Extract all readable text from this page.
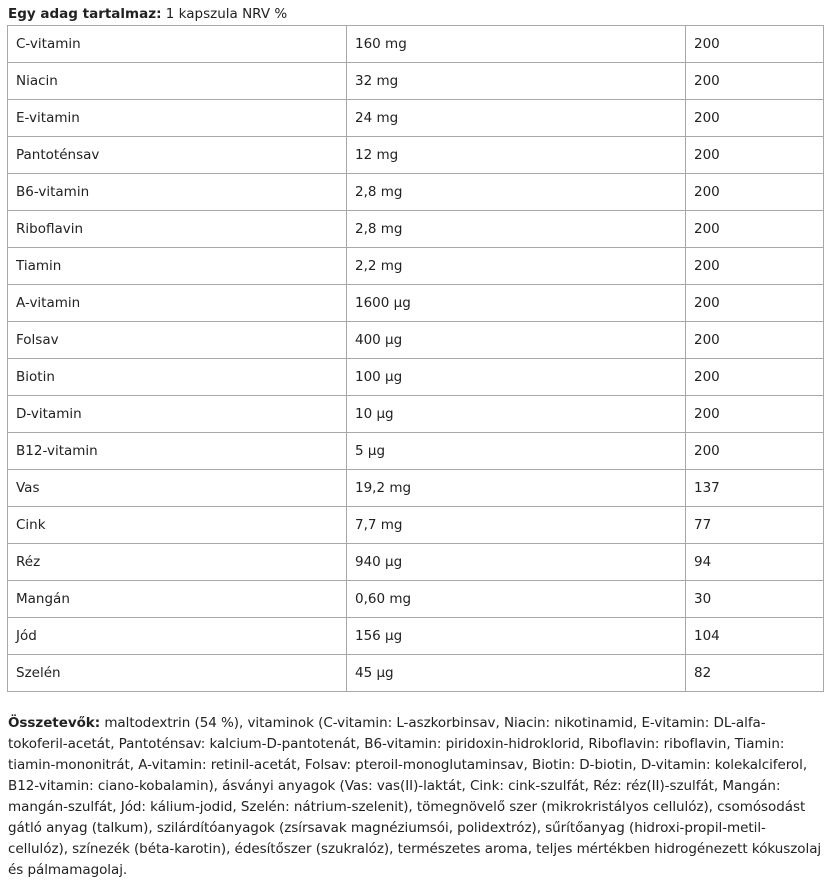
Egy adag tartalmaz: 1 kapszula NRV %
C-vitamin	160 mg	200
Niacin	32 mg	200
E-vitamin	24 mg	200
Pantoténsav	12 mg	200
B6-vitamin	2,8 mg	200
Riboflavin	2,8 mg	200
Tiamin	2,2 mg	200
A-vitamin	1600 µg	200
Folsav	400 µg	200
Biotin	100 µg	200
D-vitamin	10 µg	200
B12-vitamin	5 µg	200
Vas	19,2 mg	137
Cink	7,7 mg	77
Réz	940 µg	94
Mangán	0,60 mg	30
Jód	156 µg	104
Szelén	45 µg	82

Összetevők: maltodextrin (54 %), vitaminok (C-vitamin: L-aszkorbinsav, Niacin: nikotinamid, E-vitamin: DL-alfa-tokoferil-acetát, Pantoténsav: kalcium-D-pantotenát, B6-vitamin: piridoxin-hidroklorid, Riboflavin: riboflavin, Tiamin: tiamin-mononitrát, A-vitamin: retinil-acetát, Folsav: pteroil-monoglutaminsav, Biotin: D-biotin, D-vitamin: kolekalciferol, B12-vitamin: ciano-kobalamin), ásványi anyagok (Vas: vas(II)-laktát, Cink: cink-szulfát, Réz: réz(II)-szulfát, Mangán: mangán-szulfát, Jód: kálium-jodid, Szelén: nátrium-szelenit), tömegnövelő szer (mikrokristályos cellulóz), csomósodást gátló anyag (talkum), szilárdítóanyagok (zsírsavak magnéziumsói, polidextróz), sűrítőanyag (hidroxi-propil-metil-cellulóz), színezék (béta-karotin), édesítőszer (szukralóz), természetes aroma, teljes mértékben hidrogénezett kókuszolaj és pálmamagolaj.
